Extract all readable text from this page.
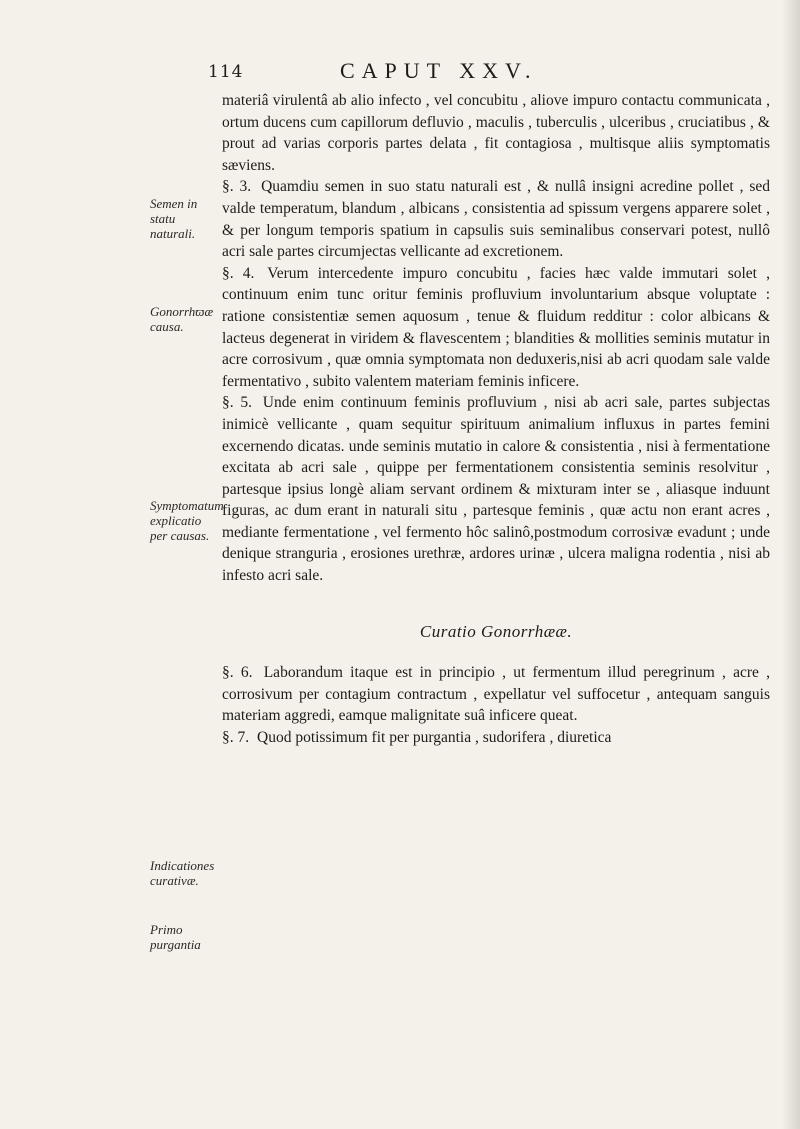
114	CAPUT XXV.
Semen in statu naturali.
Gonorrhϖæ causa.
Symptomatum explicatio per causas.
Indicationes curativæ.
Primo purgantia

materiâ virulentâ ab alio infecto , vel concubitu , aliove impuro contactu communicata , ortum ducens cum capillorum defluvio , maculis , tuberculis , ulceribus , cruciatibus , & prout ad varias corporis partes delata , fit contagiosa , multisque aliis symptomatis sæviens.

§. 3. Quamdiu semen in suo statu naturali est , & nullâ insigni acredine pollet , sed valde temperatum, blandum , albicans , consistentia ad spissum vergens apparere solet , & per longum temporis spatium in capsulis suis seminalibus conservari potest, nullô acri sale partes circumjectas vellicante ad excretionem.

§. 4. Verum intercedente impuro concubitu , facies hæc valde immutari solet , continuum enim tunc oritur feminis profluvium involuntarium absque voluptate : ratione consistentiæ semen aquosum , tenue & fluidum redditur : color albicans & lacteus degenerat in viridem & flavescentem ; blandities & mollities seminis mutatur in acre corrosivum , quæ omnia symptomata non deduxeris,nisi ab acri quodam sale valde fermentativo , subito valentem materiam feminis inficere.

§. 5. Unde enim continuum feminis profluvium , nisi ab acri sale, partes subjectas inimicè vellicante , quam sequitur spirituum animalium influxus in partes femini excernendo dicatas. unde seminis mutatio in calore & consistentia , nisi à fermentatione excitata ab acri sale , quippe per fermentationem consistentia seminis resolvitur , partesque ipsius longè aliam servant ordinem & mixturam inter se , aliasque induunt figuras, ac dum erant in naturali situ , partesque feminis , quæ actu non erant acres , mediante fermentatione , vel fermento hôc salinô,postmodum corrosivæ evadunt ; unde denique stranguria , erosiones urethræ, ardores urinæ , ulcera maligna rodentia , nisi ab infesto acri sale.

Curatio Gonorrhææ.

§. 6. Laborandum itaque est in principio , ut fermentum illud peregrinum , acre , corrosivum per contagium contractum , expellatur vel suffocetur , antequam sanguis materiam aggredi, eamque malignitate suâ inficere queat.

§. 7. Quod potissimum fit per purgantia , sudorifera , diuretica
